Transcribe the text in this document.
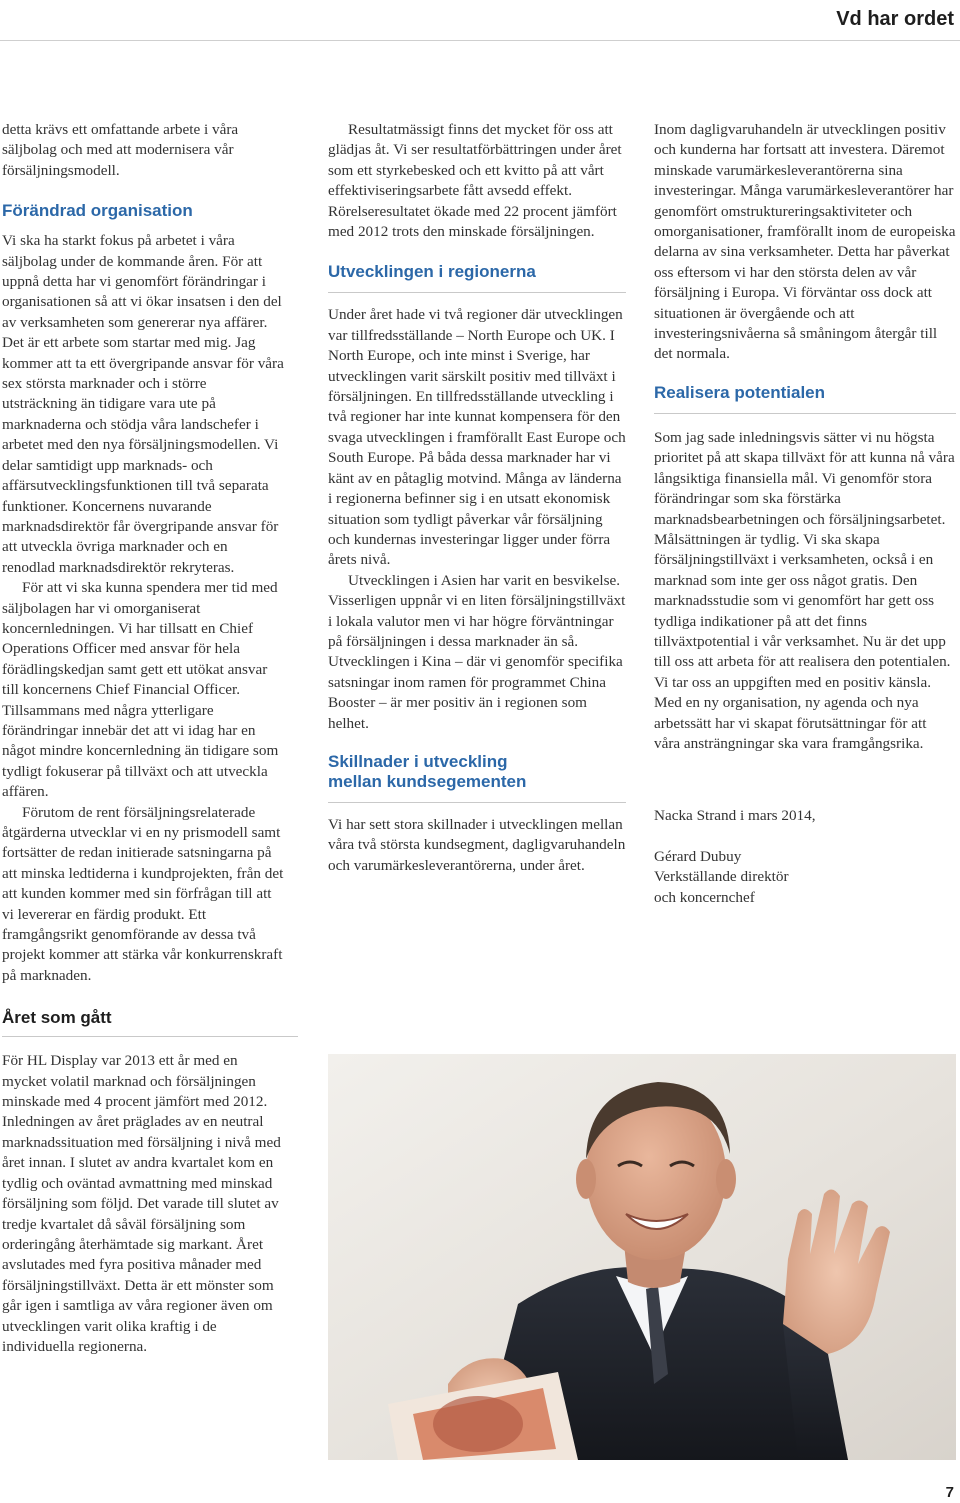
Vd har ordet

detta krävs ett omfattande arbete i våra säljbolag och med att modernisera vår försäljningsmodell.

Förändrad organisation

Vi ska ha starkt fokus på arbetet i våra säljbolag under de kommande åren. För att uppnå detta har vi genomfört förändringar i organisationen så att vi ökar insatsen i den del av verksamheten som genererar nya affärer. Det är ett arbete som startar med mig. Jag kommer att ta ett övergripande ansvar för våra sex största marknader och i större utsträckning än tidigare vara ute på marknaderna och stödja våra landschefer i arbetet med den nya försäljningsmodellen. Vi delar samtidigt upp marknads- och affärsutvecklingsfunktionen till två separata funktioner. Koncernens nuvarande marknadsdirektör får övergripande ansvar för att utveckla övriga marknader och en renodlad marknadsdirektör rekryteras.

För att vi ska kunna spendera mer tid med säljbolagen har vi omorganiserat koncernledningen. Vi har tillsatt en Chief Operations Officer med ansvar för hela förädlingskedjan samt gett ett utökat ansvar till koncernens Chief Financial Officer. Tillsammans med några ytterligare förändringar innebär det att vi idag har en något mindre koncernledning än tidigare som tydligt fokuserar på tillväxt och att utveckla affären.

Förutom de rent försäljningsrelaterade åtgärderna utvecklar vi en ny prismodell samt fortsätter de redan initierade satsningarna på att minska ledtiderna i kundprojekten, från det att kunden kommer med sin förfrågan till att vi levererar en färdig produkt. Ett framgångsrikt genomförande av dessa två projekt kommer att stärka vår konkurrenskraft på marknaden.

Året som gått

För HL Display var 2013 ett år med en mycket volatil marknad och försäljningen minskade med 4 procent jämfört med 2012. Inledningen av året präglades av en neutral marknadssituation med försäljning i nivå med året innan. I slutet av andra kvartalet kom en tydlig och oväntad avmattning med minskad försäljning som följd. Det varade till slutet av tredje kvartalet då såväl försäljning som orderingång återhämtade sig markant. Året avslutades med fyra positiva månader med försäljningstillväxt. Detta är ett mönster som går igen i samtliga av våra regioner även om utvecklingen varit olika kraftig i de individuella regionerna.

Resultatmässigt finns det mycket för oss att glädjas åt. Vi ser resultatförbättringen under året som ett styrkebesked och ett kvitto på att vårt effektiviseringsarbete fått avsedd effekt. Rörelseresultatet ökade med 22 procent jämfört med 2012 trots den minskade försäljningen.

Utvecklingen i regionerna

Under året hade vi två regioner där utvecklingen var tillfredsställande – North Europe och UK. I North Europe, och inte minst i Sverige, har utvecklingen varit särskilt positiv med tillväxt i försäljningen. En tillfredsställande utveckling i två regioner har inte kunnat kompensera för den svaga utvecklingen i framförallt East Europe och South Europe. På båda dessa marknader har vi känt av en påtaglig motvind. Många av länderna i regionerna befinner sig i en utsatt ekonomisk situation som tydligt påverkar vår försäljning och kundernas investeringar ligger under förra årets nivå.

Utvecklingen i Asien har varit en besvikelse. Visserligen uppnår vi en liten försäljningstillväxt i lokala valutor men vi har högre förväntningar på försäljningen i dessa marknader än så. Utvecklingen i Kina – där vi genomför specifika satsningar inom ramen för programmet China Booster – är mer positiv än i regionen som helhet.

Skillnader i utveckling
mellan kundsegementen

Vi har sett stora skillnader i utvecklingen mellan våra två största kundsegment, dagligvaruhandeln och varumärkesleverantörerna, under året.

Inom dagligvaruhandeln är utvecklingen positiv och kunderna har fortsatt att investera. Däremot minskade varumärkesleverantörerna sina investeringar. Många varumärkesleverantörer har genomfört omstruktureringsaktiviteter och omorganisationer, framförallt inom de europeiska delarna av sina verksamheter. Detta har påverkat oss eftersom vi har den största delen av vår försäljning i Europa. Vi förväntar oss dock att situationen är övergående och att investeringsnivåerna så småningom återgår till det normala.

Realisera potentialen

Som jag sade inledningsvis sätter vi nu högsta prioritet på att skapa tillväxt för att kunna nå våra långsiktiga finansiella mål. Vi genomför stora förändringar som ska förstärka marknadsbearbetningen och försäljningsarbetet. Målsättningen är tydlig. Vi ska skapa försäljningstillväxt i verksamheten, också i en marknad som inte ger oss något gratis. Den marknadsstudie som vi genomfört har gett oss tydliga indikationer på att det finns tillväxtpotential i vår verksamhet. Nu är det upp till oss att arbeta för att realisera den potentialen. Vi tar oss an uppgiften med en positiv känsla. Med en ny organisation, ny agenda och nya arbetssätt har vi skapat förutsättningar för att våra ansträngningar ska vara framgångsrika.

Nacka Strand i mars 2014,

Gérard Dubuy

Verkställande direktör

och koncernchef

7
